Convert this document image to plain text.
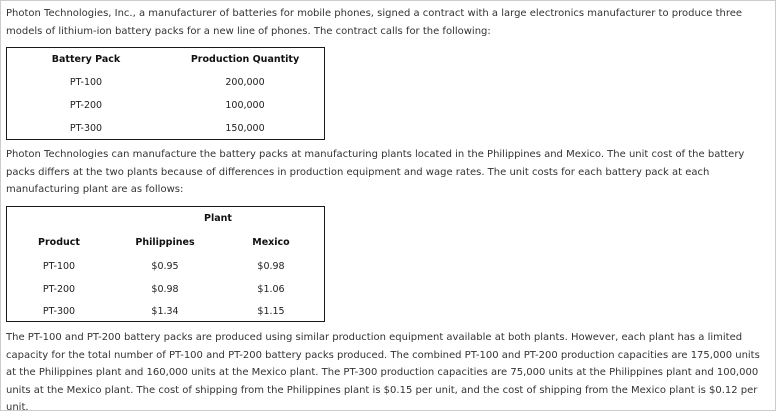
Photon Technologies, Inc., a manufacturer of batteries for mobile phones, signed a contract with a large electronics manufacturer to produce three models of lithium-ion battery packs for a new line of phones. The contract calls for the following:

Battery Pack	Production Quantity
PT-100	200,000
PT-200	100,000
PT-300	150,000

Photon Technologies can manufacture the battery packs at manufacturing plants located in the Philippines and Mexico. The unit cost of the battery packs differs at the two plants because of differences in production equipment and wage rates. The unit costs for each battery pack at each manufacturing plant are as follows:

Plant
Product	Philippines	Mexico
PT-100	$0.95	$0.98
PT-200	$0.98	$1.06
PT-300	$1.34	$1.15

The PT-100 and PT-200 battery packs are produced using similar production equipment available at both plants. However, each plant has a limited capacity for the total number of PT-100 and PT-200 battery packs produced. The combined PT-100 and PT-200 production capacities are 175,000 units at the Philippines plant and 160,000 units at the Mexico plant. The PT-300 production capacities are 75,000 units at the Philippines plant and 100,000 units at the Mexico plant. The cost of shipping from the Philippines plant is $0.15 per unit, and the cost of shipping from the Mexico plant is $0.12 per unit.
